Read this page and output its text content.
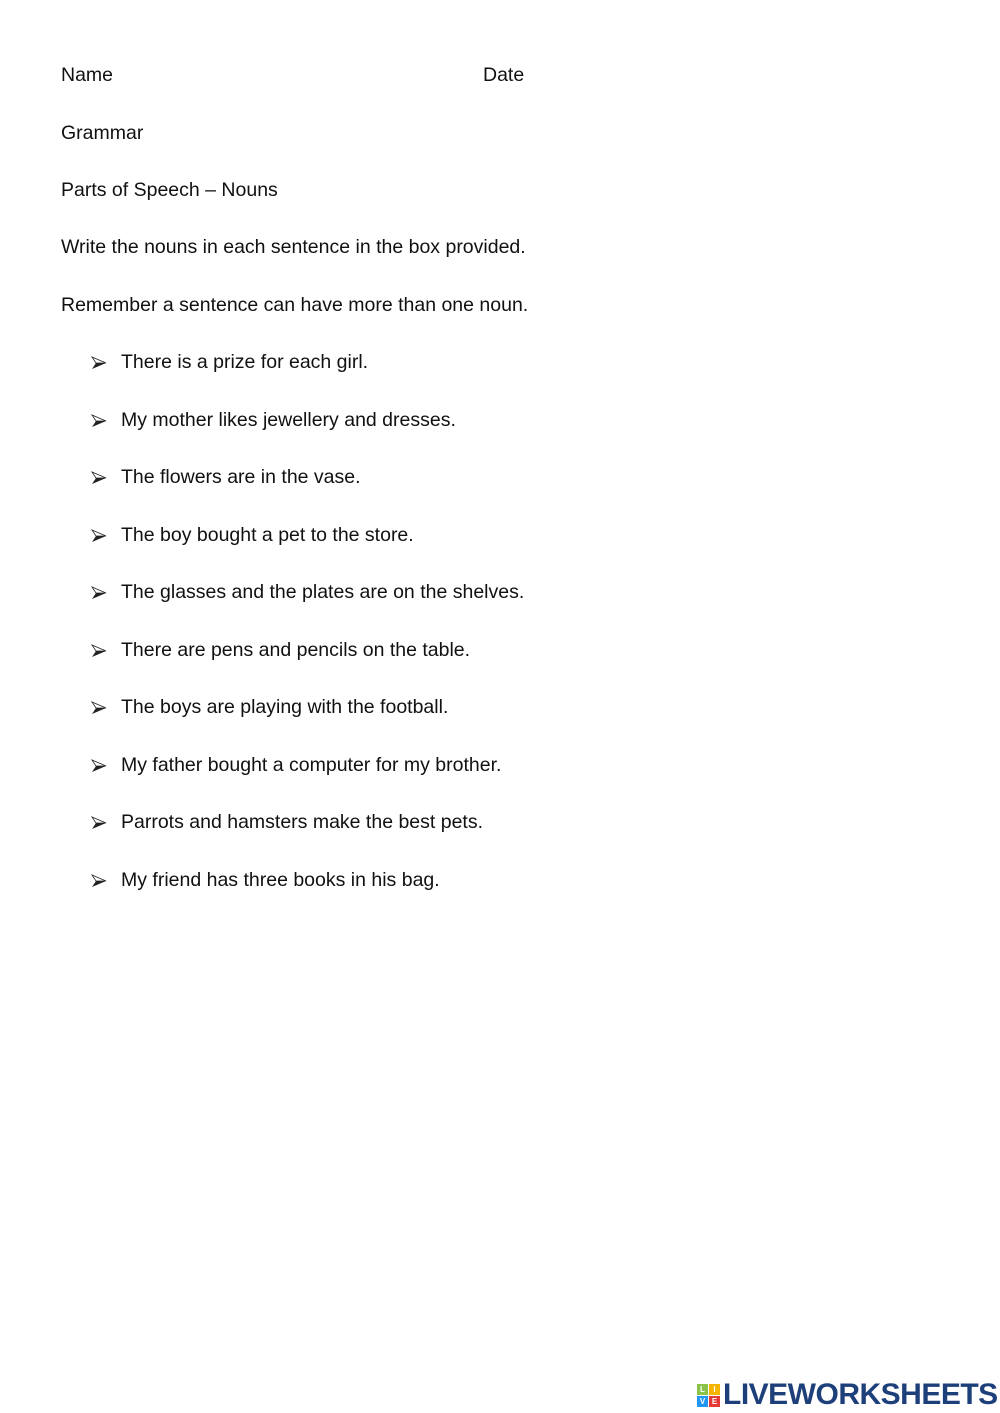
Name	Date
Grammar
Parts of Speech – Nouns
Write the nouns in each sentence in the box provided.
Remember a sentence can have more than one noun.
There is a prize for each girl.
My mother likes jewellery and dresses.
The flowers are in the vase.
The boy bought a pet to the store.
The glasses and the plates are on the shelves.
There are pens and pencils on the table.
The boys are playing with the football.
My father bought a computer for my brother.
Parrots and hamsters make the best pets.
My friend has three books in his bag.
L	I
V E LIVEWORKSHEETS
